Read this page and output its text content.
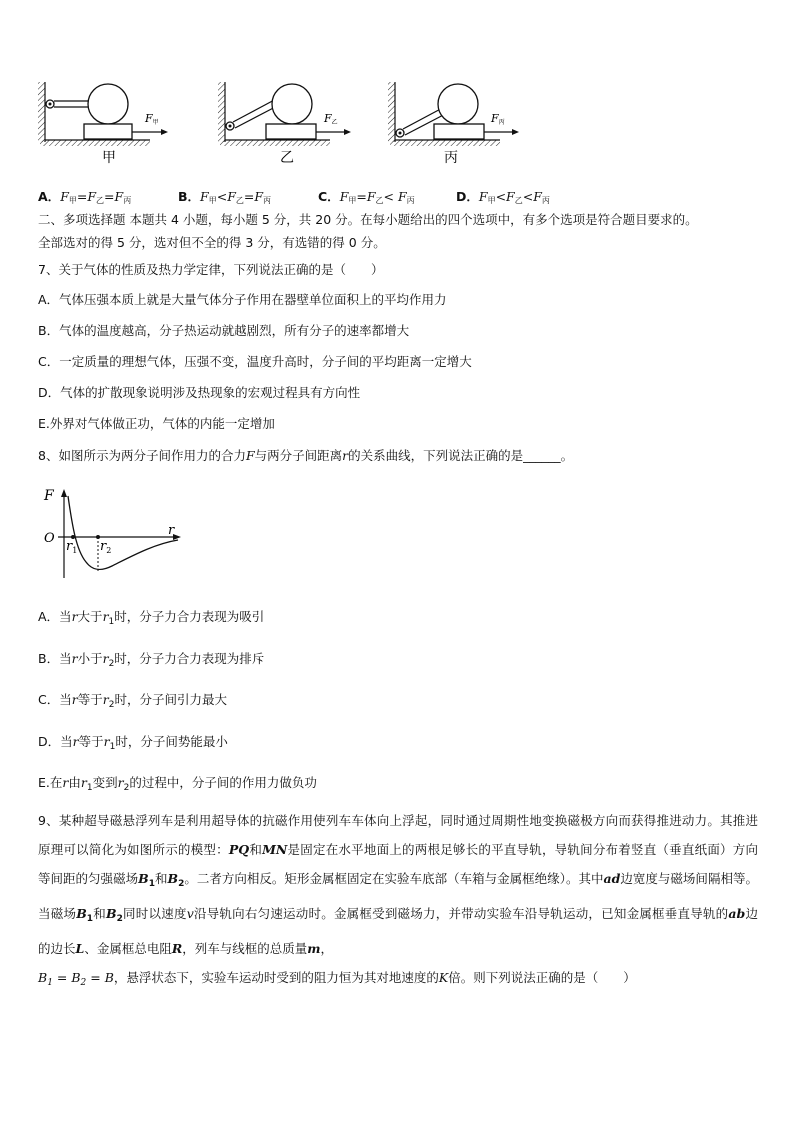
F甲
甲
F乙
乙
F丙
丙
A．$F_甲=F_乙=F_丙$	B．$F_甲<F_乙=F_丙$	C．$F_甲=F_乙< F_丙$	D．$F_甲<F_乙<F_丙$
二、多项选择题 本题共 4 小题，每小题 5 分，共 20 分。在每小题给出的四个选项中，有多个选项是符合题目要求的。
全部选对的得 5 分，选对但不全的得 3 分，有选错的得 0 分。
7、关于气体的性质及热力学定律，下列说法正确的是（　　）
A．气体压强本质上就是大量气体分子作用在器壁单位面积上的平均作用力
B．气体的温度越高，分子热运动就越剧烈，所有分子的速率都增大
C．一定质量的理想气体，压强不变，温度升高时，分子间的平均距离一定增大
D．气体的扩散现象说明涉及热现象的宏观过程具有方向性
E.外界对气体做正功，气体的内能一定增加
8、如图所示为两分子间作用力的合力F与两分子间距离r的关系曲线，下列说法正确的是______。
F
O
$r_1$ $r_2$
r
A．当r大于$r_1$时，分子力合力表现为吸引
B．当r小于$r_2$时，分子力合力表现为排斥
C．当r等于$r_2$时，分子间引力最大
D．当r等于$r_1$时，分子间势能最小
E.在r由$r_1$变到$r_2$的过程中，分子间的作用力做负功
9、某种超导磁悬浮列车是利用超导体的抗磁作用使列车车体向上浮起，同时通过周期性地变换磁极方向而获得推进动力。其推进原理可以简化为如图所示的模型：PQ和MN是固定在水平地面上的两根足够长的平直导轨，导轨间分布着竖直（垂直纸面）方向等间距的匀强磁场$B_1$和$B_2$。二者方向相反。矩形金属框固定在实验车底部（车箱与金属框绝缘）。其中ad边宽度与磁场间隔相等。当磁场$B_1$和$B_2$同时以速度v沿导轨向右匀速运动时。金属框受到磁场力，并带动实验车沿导轨运动，已知金属框垂直导轨的ab边的边长L、金属框总电阻R，列车与线框的总质量m，
$B_1 = B_2 = B$，悬浮状态下，实验车运动时受到的阻力恒为其对地速度的K倍。则下列说法正确的是（　　）
